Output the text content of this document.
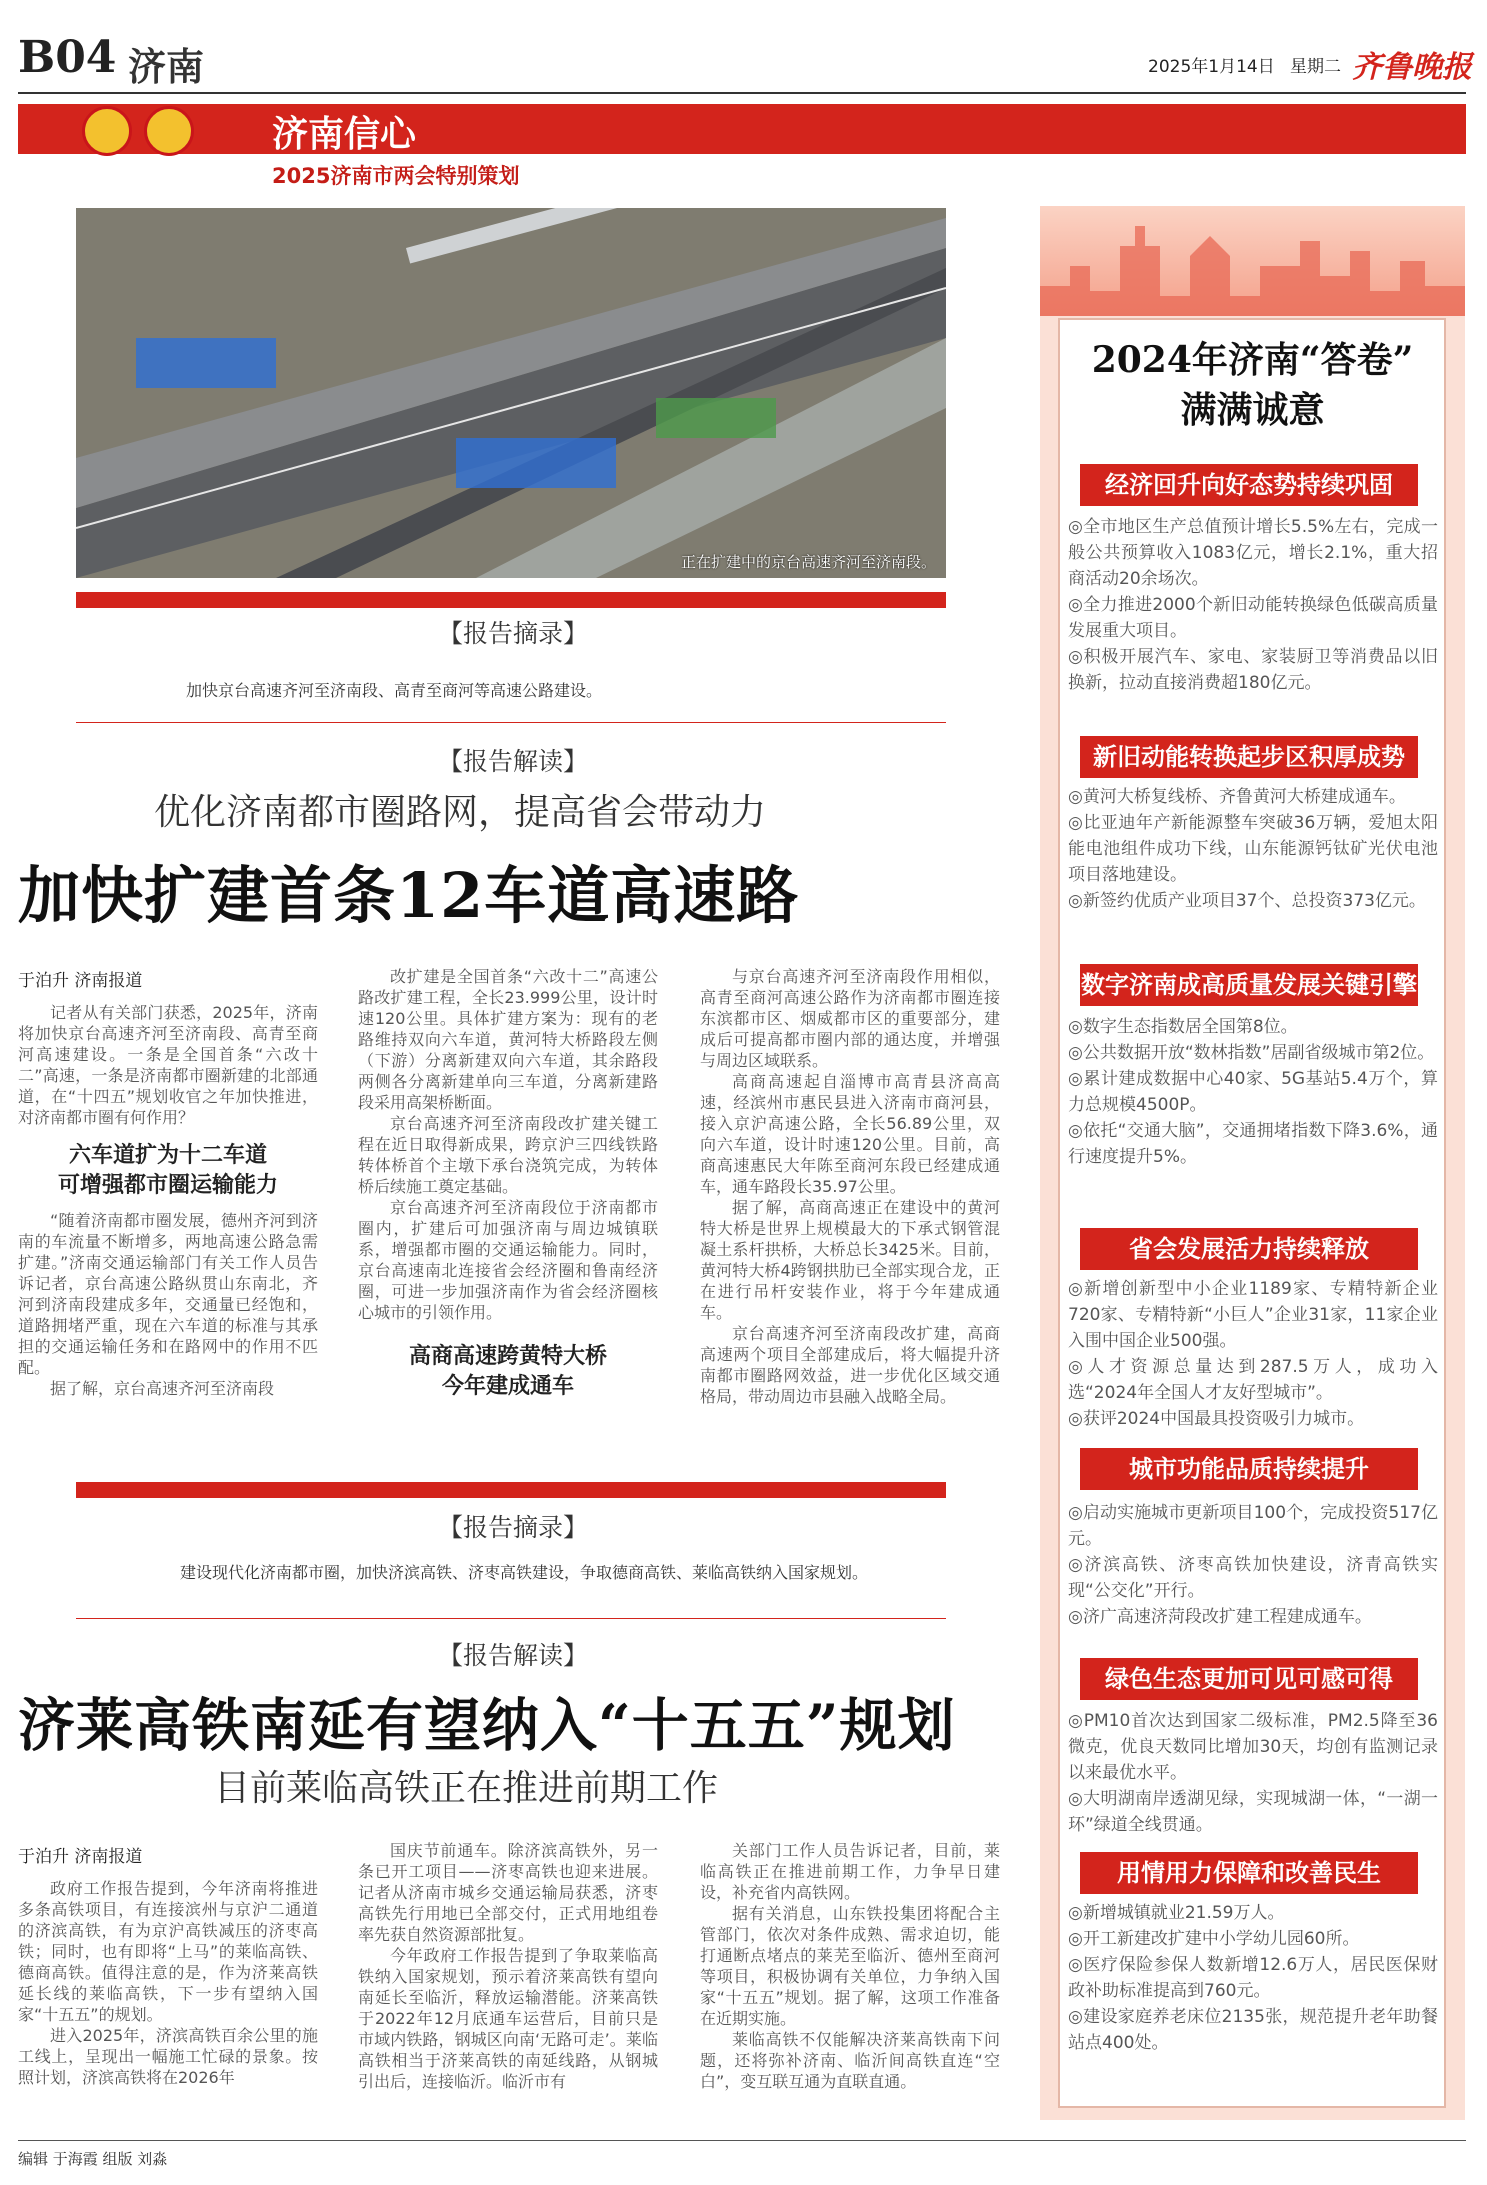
B04 济南	2025年1月14日 星期二 齐鲁晚报
济南信心
2025济南市两会特别策划
正在扩建中的京台高速齐河至济南段。
【报告摘录】
加快京台高速齐河至济南段、高青至商河等高速公路建设。
【报告解读】
优化济南都市圈路网，提高省会带动力
加快扩建首条12车道高速路
于泊升 济南报道

记者从有关部门获悉，2025年，济南将加快京台高速齐河至济南段、高青至商河高速建设。一条是全国首条“六改十二”高速，一条是济南都市圈新建的北部通道，在“十四五”规划收官之年加快推进，对济南都市圈有何作用？

六车道扩为十二车道
可增强都市圈运输能力

“随着济南都市圈发展，德州齐河到济南的车流量不断增多，两地高速公路急需扩建。”济南交通运输部门有关工作人员告诉记者，京台高速公路纵贯山东南北，齐河到济南段建成多年，交通量已经饱和，道路拥堵严重，现在六车道的标准与其承担的交通运输任务和在路网中的作用不匹配。

据了解，京台高速齐河至济南段

改扩建是全国首条“六改十二”高速公路改扩建工程，全长23.999公里，设计时速120公里。具体扩建方案为：现有的老路维持双向六车道，黄河特大桥路段左侧（下游）分离新建双向六车道，其余路段两侧各分离新建单向三车道，分离新建路段采用高架桥断面。

京台高速齐河至济南段改扩建关键工程在近日取得新成果，跨京沪三四线铁路转体桥首个主墩下承台浇筑完成，为转体桥后续施工奠定基础。

京台高速齐河至济南段位于济南都市圈内，扩建后可加强济南与周边城镇联系，增强都市圈的交通运输能力。同时，京台高速南北连接省会经济圈和鲁南经济圈，可进一步加强济南作为省会经济圈核心城市的引领作用。

高商高速跨黄特大桥
今年建成通车

与京台高速齐河至济南段作用相似，高青至商河高速公路作为济南都市圈连接东滨都市区、烟威都市区的重要部分，建成后可提高都市圈内部的通达度，并增强与周边区域联系。

高商高速起自淄博市高青县济高高速，经滨州市惠民县进入济南市商河县，接入京沪高速公路，全长56.89公里，双向六车道，设计时速120公里。目前，高商高速惠民大年陈至商河东段已经建成通车，通车路段长35.97公里。

据了解，高商高速正在建设中的黄河特大桥是世界上规模最大的下承式钢管混凝土系杆拱桥，大桥总长3425米。目前，黄河特大桥4跨钢拱肋已全部实现合龙，正在进行吊杆安装作业，将于今年建成通车。

京台高速齐河至济南段改扩建，高商高速两个项目全部建成后，将大幅提升济南都市圈路网效益，进一步优化区域交通格局，带动周边市县融入战略全局。

【报告摘录】
建设现代化济南都市圈，加快济滨高铁、济枣高铁建设，争取德商高铁、莱临高铁纳入国家规划。
【报告解读】
济莱高铁南延有望纳入“十五五”规划
目前莱临高铁正在推进前期工作
于泊升 济南报道

政府工作报告提到，今年济南将推进多条高铁项目，有连接滨州与京沪二通道的济滨高铁，有为京沪高铁减压的济枣高铁；同时，也有即将“上马”的莱临高铁、德商高铁。值得注意的是，作为济莱高铁延长线的莱临高铁，下一步有望纳入国家“十五五”的规划。

进入2025年，济滨高铁百余公里的施工线上，呈现出一幅施工忙碌的景象。按照计划，济滨高铁将在2026年

国庆节前通车。除济滨高铁外，另一条已开工项目——济枣高铁也迎来进展。记者从济南市城乡交通运输局获悉，济枣高铁先行用地已全部交付，正式用地组卷率先获自然资源部批复。

今年政府工作报告提到了争取莱临高铁纳入国家规划，预示着济莱高铁有望向南延长至临沂，释放运输潜能。济莱高铁于2022年12月底通车运营后，目前只是市域内铁路，钢城区向南‘无路可走’。莱临高铁相当于济莱高铁的南延线路，从钢城引出后，连接临沂。临沂市有

关部门工作人员告诉记者，目前，莱临高铁正在推进前期工作，力争早日建设，补充省内高铁网。

据有关消息，山东铁投集团将配合主管部门，依次对条件成熟、需求迫切，能打通断点堵点的莱芜至临沂、德州至商河等项目，积极协调有关单位，力争纳入国家“十五五”规划。据了解，这项工作准备在近期实施。

莱临高铁不仅能解决济莱高铁南下问题，还将弥补济南、临沂间高铁直连“空白”，变互联互通为直联直通。

2024年济南“答卷”
满满诚意
经济回升向好态势持续巩固
◎全市地区生产总值预计增长5.5%左右，完成一般公共预算收入1083亿元，增长2.1%，重大招商活动20余场次。
◎全力推进2000个新旧动能转换绿色低碳高质量发展重大项目。
◎积极开展汽车、家电、家装厨卫等消费品以旧换新，拉动直接消费超180亿元。
新旧动能转换起步区积厚成势
◎黄河大桥复线桥、齐鲁黄河大桥建成通车。
◎比亚迪年产新能源整车突破36万辆，爱旭太阳能电池组件成功下线，山东能源钙钛矿光伏电池项目落地建设。
◎新签约优质产业项目37个、总投资373亿元。
数字济南成高质量发展关键引擎
◎数字生态指数居全国第8位。
◎公共数据开放“数林指数”居副省级城市第2位。
◎累计建成数据中心40家、5G基站5.4万个，算力总规模4500P。
◎依托“交通大脑”，交通拥堵指数下降3.6%，通行速度提升5%。
省会发展活力持续释放
◎新增创新型中小企业1189家、专精特新企业720家、专精特新“小巨人”企业31家，11家企业入围中国企业500强。
◎人才资源总量达到287.5万人，成功入选“2024年全国人才友好型城市”。
◎获评2024中国最具投资吸引力城市。
城市功能品质持续提升
◎启动实施城市更新项目100个，完成投资517亿元。
◎济滨高铁、济枣高铁加快建设，济青高铁实现“公交化”开行。
◎济广高速济菏段改扩建工程建成通车。
绿色生态更加可见可感可得
◎PM10首次达到国家二级标准，PM2.5降至36微克，优良天数同比增加30天，均创有监测记录以来最优水平。
◎大明湖南岸透湖见绿，实现城湖一体，“一湖一环”绿道全线贯通。
用情用力保障和改善民生
◎新增城镇就业21.59万人。
◎开工新建改扩建中小学幼儿园60所。
◎医疗保险参保人数新增12.6万人，居民医保财政补助标准提高到760元。
◎建设家庭养老床位2135张，规范提升老年助餐站点400处。
编辑 于海霞 组版 刘淼
